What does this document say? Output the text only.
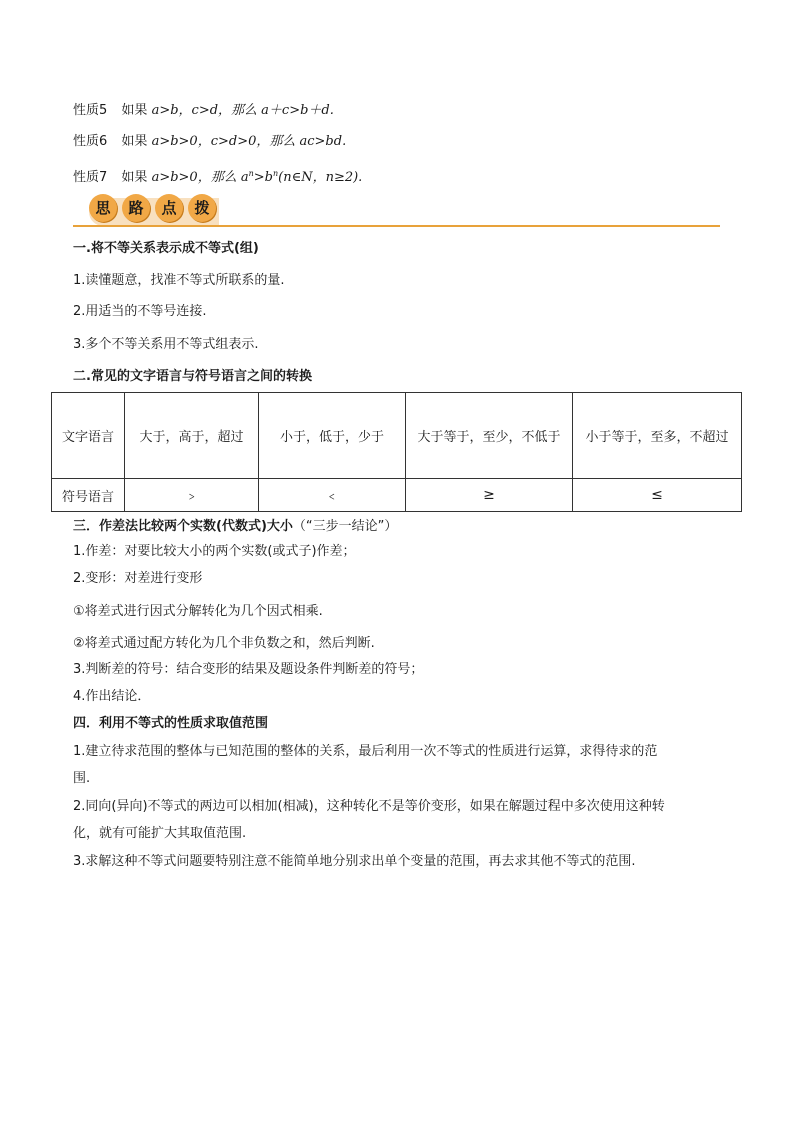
性质5 如果 a>b，c>d，那么 a＋c>b＋d.
性质6 如果 a>b>0，c>d>0，那么 ac>bd.
性质7 如果 a>b>0，那么 $a^n>b^n(n\in N$，n≥2).
思	路	点	拨
一.将不等关系表示成不等式(组)
1.读懂题意，找准不等式所联系的量.
2.用适当的不等号连接.
3.多个不等关系用不等式组表示.
二.常见的文字语言与符号语言之间的转换
文字语言	大于，高于，超过	小于，低于，少于	大于等于，至少，不低于	小于等于，至多，不超过
符号语言	﹥	﹤	≥	≤
三．作差法比较两个实数(代数式)大小（“三步一结论”）
1.作差：对要比较大小的两个实数(或式子)作差；
2.变形：对差进行变形
①将差式进行因式分解转化为几个因式相乘.
②将差式通过配方转化为几个非负数之和，然后判断.
3.判断差的符号：结合变形的结果及题设条件判断差的符号；
4.作出结论．
四．利用不等式的性质求取值范围
1.建立待求范围的整体与已知范围的整体的关系，最后利用一次不等式的性质进行运算，求得待求的范
围.
2.同向(异向)不等式的两边可以相加(相减)，这种转化不是等价变形，如果在解题过程中多次使用这种转
化，就有可能扩大其取值范围.
3.求解这种不等式问题要特别注意不能简单地分别求出单个变量的范围，再去求其他不等式的范围.
